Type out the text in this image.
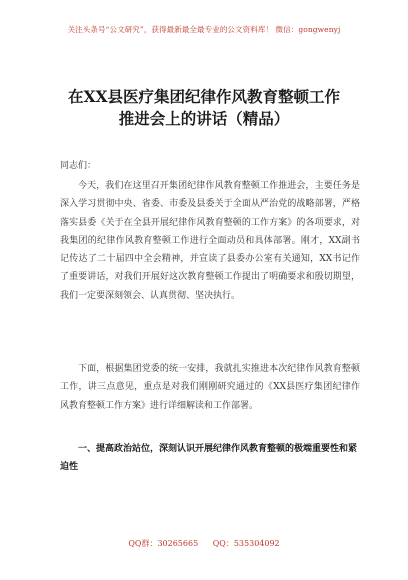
关注头条号“公文研究”，获得最新最全最专业的公文资料库！ 微信：gongwenyj
在XX县医疗集团纪律作风教育整顿工作
推进会上的讲话（精品）
同志们：

今天，我们在这里召开集团纪律作风教育整顿工作推进会，主要任务是深入学习贯彻中央、省委、市委及县委关于全面从严治党的战略部署，严格落实县委《关于在全县开展纪律作风教育整顿的工作方案》的各项要求，对我集团的纪律作风教育整顿工作进行全面动员和具体部署。刚才，XX副书记传达了二十届四中全会精神，并宣读了县委办公室有关通知，XX书记作了重要讲话，对我们开展好这次教育整顿工作提出了明确要求和殷切期望，我们一定要深刻领会、认真贯彻、坚决执行。

下面，根据集团党委的统一安排，我就扎实推进本次纪律作风教育整顿工作，讲三点意见，重点是对我们刚刚研究通过的《XX县医疗集团纪律作风教育整顿工作方案》进行详细解读和工作部署。

一、提高政治站位，深刻认识开展纪律作风教育整顿的极端重要性和紧迫性

QQ群：30265665 QQ：535304092
